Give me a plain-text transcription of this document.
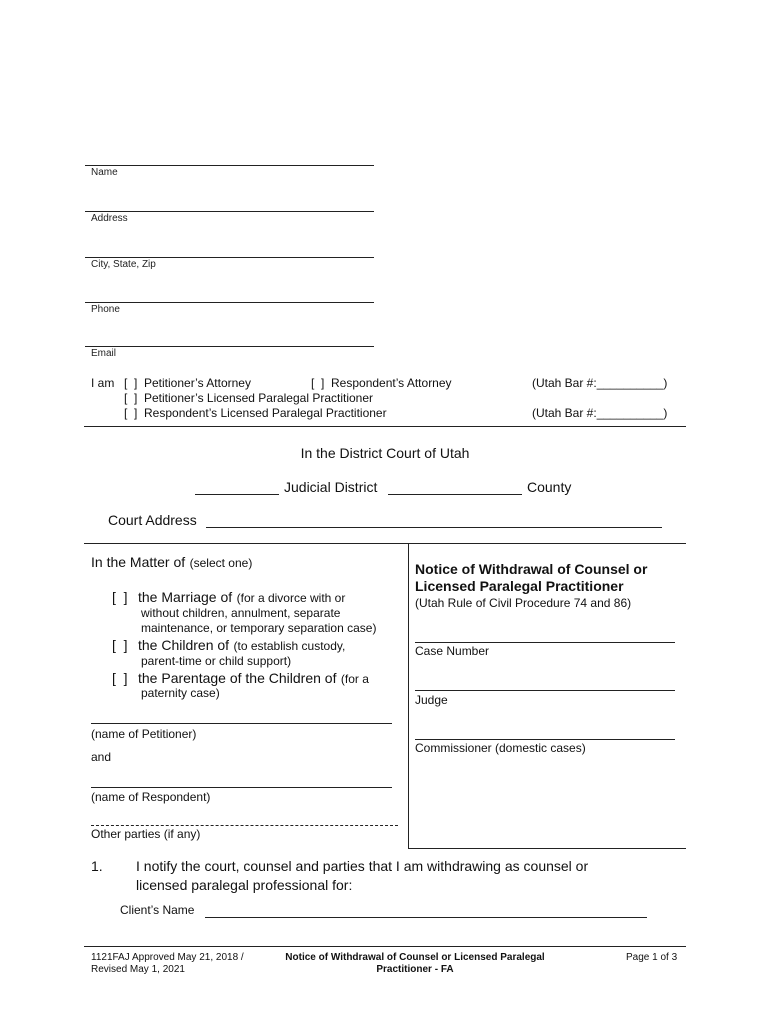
Name
Address
City, State, Zip
Phone
Email
I am [  ]  Petitioner’s Attorney	[  ]  Respondent’s Attorney	(Utah Bar #:__________)
[  ]  Petitioner’s Licensed Paralegal Practitioner
[  ]  Respondent’s Licensed Paralegal Practitioner	(Utah Bar #:__________)
In the District Court of Utah
Judicial District	County
Court Address
In the Matter of (select one)
[  ] the Marriage of (for a divorce with or
without children, annulment, separate
maintenance, or temporary separation case)
[  ] the Children of (to establish custody,
parent-time or child support)
[  ] the Parentage of the Children of (for a
paternity case)
(name of Petitioner)
and
(name of Respondent)
Other parties (if any)
Notice of Withdrawal of Counsel or
Licensed Paralegal Practitioner
(Utah Rule of Civil Procedure 74 and 86)
Case Number
Judge
Commissioner (domestic cases)
1. I notify the court, counsel and parties that I am withdrawing as counsel or
licensed paralegal professional for:
Client’s Name
1121FAJ Approved May 21, 2018 /
Revised May 1, 2021
Notice of Withdrawal of Counsel or Licensed Paralegal
Practitioner - FA
Page 1 of 3
